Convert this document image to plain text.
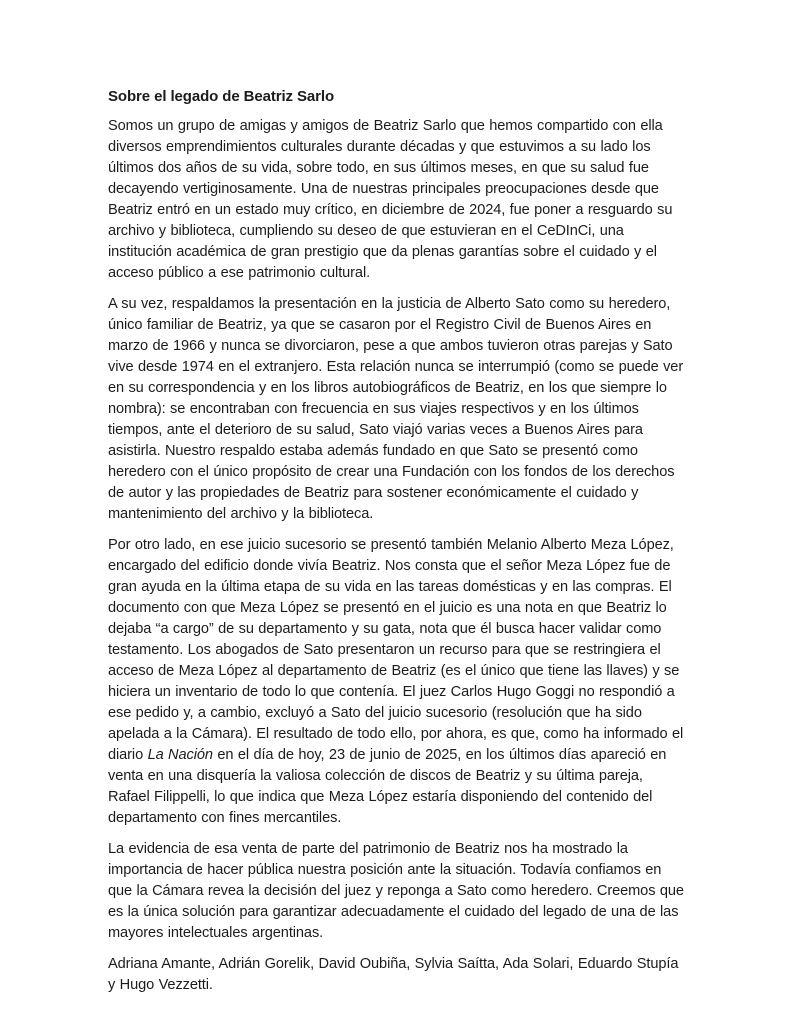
Sobre el legado de Beatriz Sarlo

Somos un grupo de amigas y amigos de Beatriz Sarlo que hemos compartido con ella diversos emprendimientos culturales durante décadas y que estuvimos a su lado los últimos dos años de su vida, sobre todo, en sus últimos meses, en que su salud fue decayendo vertiginosamente. Una de nuestras principales preocupaciones desde que Beatriz entró en un estado muy crítico, en diciembre de 2024, fue poner a resguardo su archivo y biblioteca, cumpliendo su deseo de que estuvieran en el CeDInCi, una institución académica de gran prestigio que da plenas garantías sobre el cuidado y el acceso público a ese patrimonio cultural.

A su vez, respaldamos la presentación en la justicia de Alberto Sato como su heredero, único familiar de Beatriz, ya que se casaron por el Registro Civil de Buenos Aires en marzo de 1966 y nunca se divorciaron, pese a que ambos tuvieron otras parejas y Sato vive desde 1974 en el extranjero. Esta relación nunca se interrumpió (como se puede ver en su correspondencia y en los libros autobiográficos de Beatriz, en los que siempre lo nombra): se encontraban con frecuencia en sus viajes respectivos y en los últimos tiempos, ante el deterioro de su salud, Sato viajó varias veces a Buenos Aires para asistirla. Nuestro respaldo estaba además fundado en que Sato se presentó como heredero con el único propósito de crear una Fundación con los fondos de los derechos de autor y las propiedades de Beatriz para sostener económicamente el cuidado y mantenimiento del archivo y la biblioteca.

Por otro lado, en ese juicio sucesorio se presentó también Melanio Alberto Meza López, encargado del edificio donde vivía Beatriz. Nos consta que el señor Meza López fue de gran ayuda en la última etapa de su vida en las tareas domésticas y en las compras. El documento con que Meza López se presentó en el juicio es una nota en que Beatriz lo dejaba “a cargo” de su departamento y su gata, nota que él busca hacer validar como testamento. Los abogados de Sato presentaron un recurso para que se restringiera el acceso de Meza López al departamento de Beatriz (es el único que tiene las llaves) y se hiciera un inventario de todo lo que contenía. El juez Carlos Hugo Goggi no respondió a ese pedido y, a cambio, excluyó a Sato del juicio sucesorio (resolución que ha sido apelada a la Cámara). El resultado de todo ello, por ahora, es que, como ha informado el diario La Nación en el día de hoy, 23 de junio de 2025, en los últimos días apareció en venta en una disquería la valiosa colección de discos de Beatriz y su última pareja, Rafael Filippelli, lo que indica que Meza López estaría disponiendo del contenido del departamento con fines mercantiles.

La evidencia de esa venta de parte del patrimonio de Beatriz nos ha mostrado la importancia de hacer pública nuestra posición ante la situación. Todavía confiamos en que la Cámara revea la decisión del juez y reponga a Sato como heredero. Creemos que es la única solución para garantizar adecuadamente el cuidado del legado de una de las mayores intelectuales argentinas.

Adriana Amante, Adrián Gorelik, David Oubiña, Sylvia Saítta, Ada Solari, Eduardo Stupía y Hugo Vezzetti.
